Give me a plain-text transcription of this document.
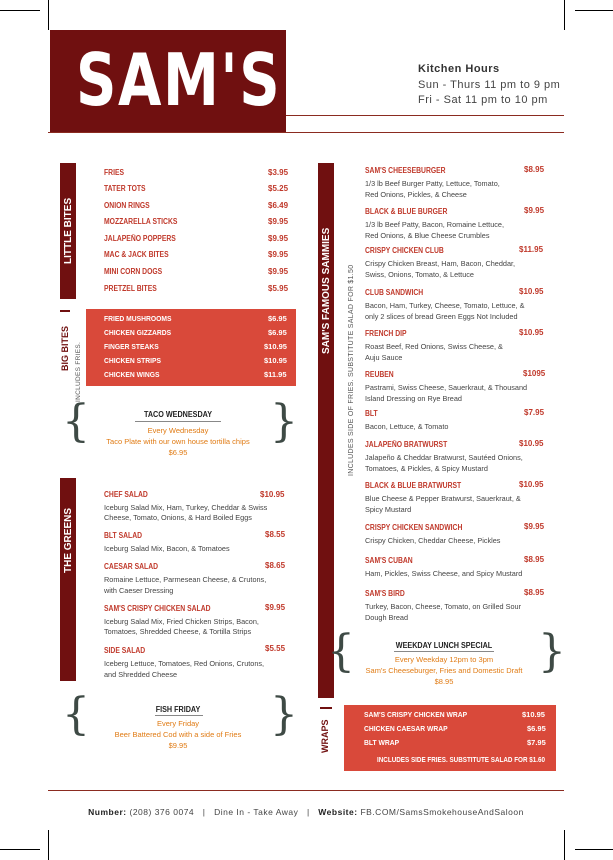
SAM'S	Kitchen Hours
Sun - Thurs 11 pm to 9 pm
Fri - Sat 11 pm to 10 pm
LITTLE BITES
FRIES	$3.95
TATER TOTS	$5.25
ONION RINGS	$6.49
MOZZARELLA STICKS	$9.95
JALAPEÑO POPPERS	$9.95
MAC & JACK BITES	$9.95
MINI CORN DOGS	$9.95
PRETZEL BITES	$5.95
BIG BITES INCLUDES FRIES.
FRIED MUSHROOMS	$6.95
CHICKEN GIZZARDS	$6.95
FINGER STEAKS	$10.95
CHICKEN STRIPS	$10.95
CHICKEN WINGS	$11.95
{	}
TACO WEDNESDAY
Every Wednesday
Taco Plate with our own house tortilla chips
$6.95
THE GREENS
CHEF SALAD	$10.95
Iceburg Salad Mix, Ham, Turkey, Cheddar & Swiss
Cheese, Tomato, Onions, & Hard Boiled Eggs
BLT SALAD	$8.55
Iceburg Salad Mix, Bacon, & Tomatoes
CAESAR SALAD	$8.65
Romaine Lettuce, Parmesean Cheese, & Crutons,
with Caeser Dressing
SAM'S CRISPY CHICKEN SALAD	$9.95
Iceburg Salad Mix, Fried Chicken Strips, Bacon,
Tomatoes, Shredded Cheese, & Tortilla Strips
SIDE SALAD	$5.55
Iceberg Lettuce, Tomatoes, Red Onions, Crutons,
and Shredded Cheese
{	}
FISH FRIDAY
Every Friday
Beer Battered Cod with a side of Fries
$9.95
SAM'S FAMOUS SAMMIES INCLUDES SIDE OF FRIES. SUBSTITUTE SALAD FOR $1.50
SAM'S CHEESEBURGER	$8.95
1/3 lb Beef Burger Patty, Lettuce, Tomato,
Red Onions, Pickles, & Cheese
BLACK & BLUE BURGER	$9.95
1/3 lb Beef Patty, Bacon, Romaine Lettuce,
Red Onions, & Blue Cheese Crumbles
CRISPY CHICKEN CLUB	$11.95
Crispy Chicken Breast, Ham, Bacon, Cheddar,
Swiss, Onions, Tomato, & Lettuce
CLUB SANDWICH	$10.95
Bacon, Ham, Turkey, Cheese, Tomato, Lettuce, &
only 2 slices of bread Green Eggs Not Included
FRENCH DIP	$10.95
Roast Beef, Red Onions, Swiss Cheese, &
Auju Sauce
REUBEN	$1095
Pastrami, Swiss Cheese, Sauerkraut, & Thousand
Island Dressing on Rye Bread
BLT	$7.95
Bacon, Lettuce, & Tomato
JALAPEÑO BRATWURST	$10.95
Jalapeño & Cheddar Bratwurst, Sautéed Onions,
Tomatoes, & Pickles, & Spicy Mustard
BLACK & BLUE BRATWURST	$10.95
Blue Cheese & Pepper Bratwurst, Sauerkraut, &
Spicy Mustard
CRISPY CHICKEN SANDWICH	$9.95
Crispy Chicken, Cheddar Cheese, Pickles
SAM'S CUBAN	$8.95
Ham, Pickles, Swiss Cheese, and Spicy Mustard
SAM'S BIRD	$8.95
Turkey, Bacon, Cheese, Tomato, on Grilled Sour
Dough Bread
{	}
WEEKDAY LUNCH SPECIAL
Every Weekday 12pm to 3pm
Sam's Cheeseburger, Fries and Domestic Draft
$8.95
WRAPS
SAM'S CRISPY CHICKEN WRAP	$10.95
CHICKEN CAESAR WRAP	$6.95
BLT WRAP	$7.95
INCLUDES SIDE FRIES. SUBSTITUTE SALAD FOR $1.60
Number: (208) 376 0074 | Dine In - Take Away | Website: FB.COM/SamsSmokehouseAndSaloon
